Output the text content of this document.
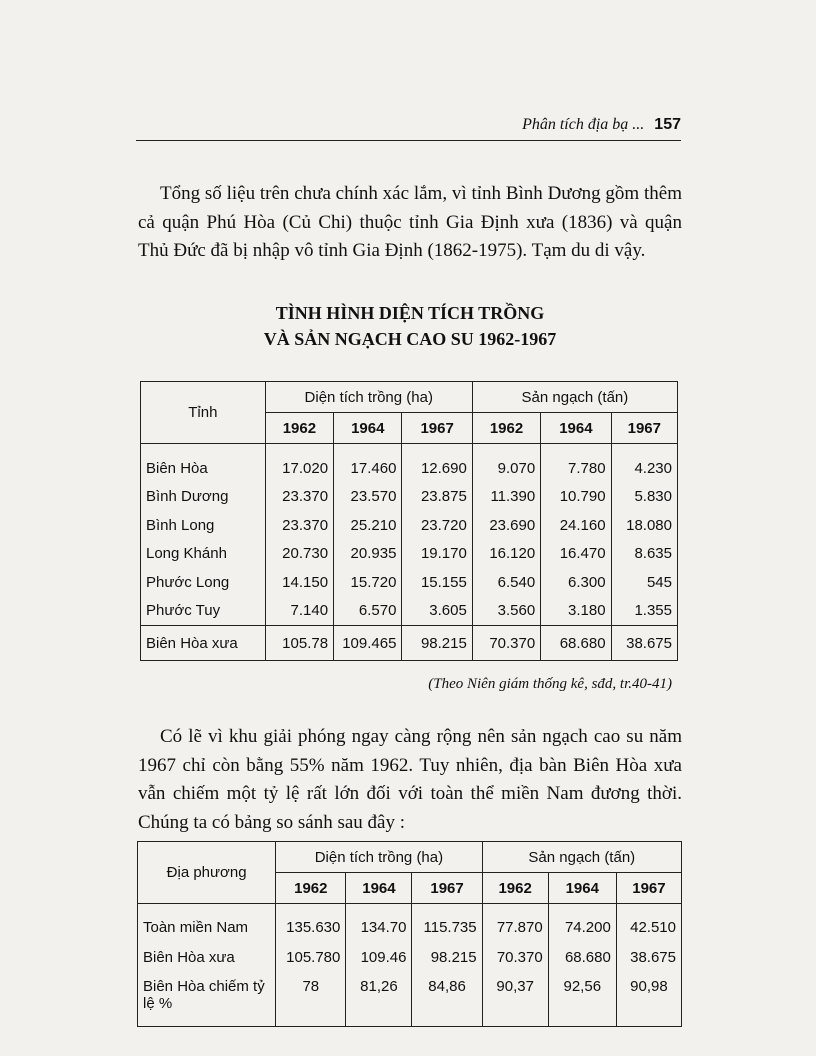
Phân tích địa bạ ... 157
Tổng số liệu trên chưa chính xác lắm, vì tỉnh Bình Dương gồm thêm cả quận Phú Hòa (Củ Chi) thuộc tỉnh Gia Định xưa (1836) và quận Thủ Đức đã bị nhập vô tỉnh Gia Định (1862-1975). Tạm du di vậy.
TÌNH HÌNH DIỆN TÍCH TRỒNG
VÀ SẢN NGẠCH CAO SU 1962-1967
Tỉnh	Diện tích trồng (ha)			Sản ngạch (tấn)		
	1962	1964	1967	1962	1964	1967
Biên Hòa	17.020	17.460	12.690	9.070	7.780	4.230
Bình Dương	23.370	23.570	23.875	11.390	10.790	5.830
Bình Long	23.370	25.210	23.720	23.690	24.160	18.080
Long Khánh	20.730	20.935	19.170	16.120	16.470	8.635
Phước Long	14.150	15.720	15.155	6.540	6.300	545
Phước Tuy	7.140	6.570	3.605	3.560	3.180	1.355
Biên Hòa xưa	105.78	109.465	98.215	70.370	68.680	38.675
(Theo Niên giám thống kê, sđd, tr.40-41)
Có lẽ vì khu giải phóng ngay càng rộng nên sản ngạch cao su năm 1967 chỉ còn bằng 55% năm 1962. Tuy nhiên, địa bàn Biên Hòa xưa vẫn chiếm một tỷ lệ rất lớn đối với toàn thể miền Nam đương thời. Chúng ta có bảng so sánh sau đây :
Địa phương	Diện tích trồng (ha)			Sản ngạch (tấn)		
	1962	1964	1967	1962	1964	1967
Toàn miền Nam	135.630	134.70	115.735	77.870	74.200	42.510
Biên Hòa xưa	105.780	109.46	98.215	70.370	68.680	38.675
Biên Hòa chiếm tỷ lệ %	78	81,26	84,86	90,37	92,56	90,98
